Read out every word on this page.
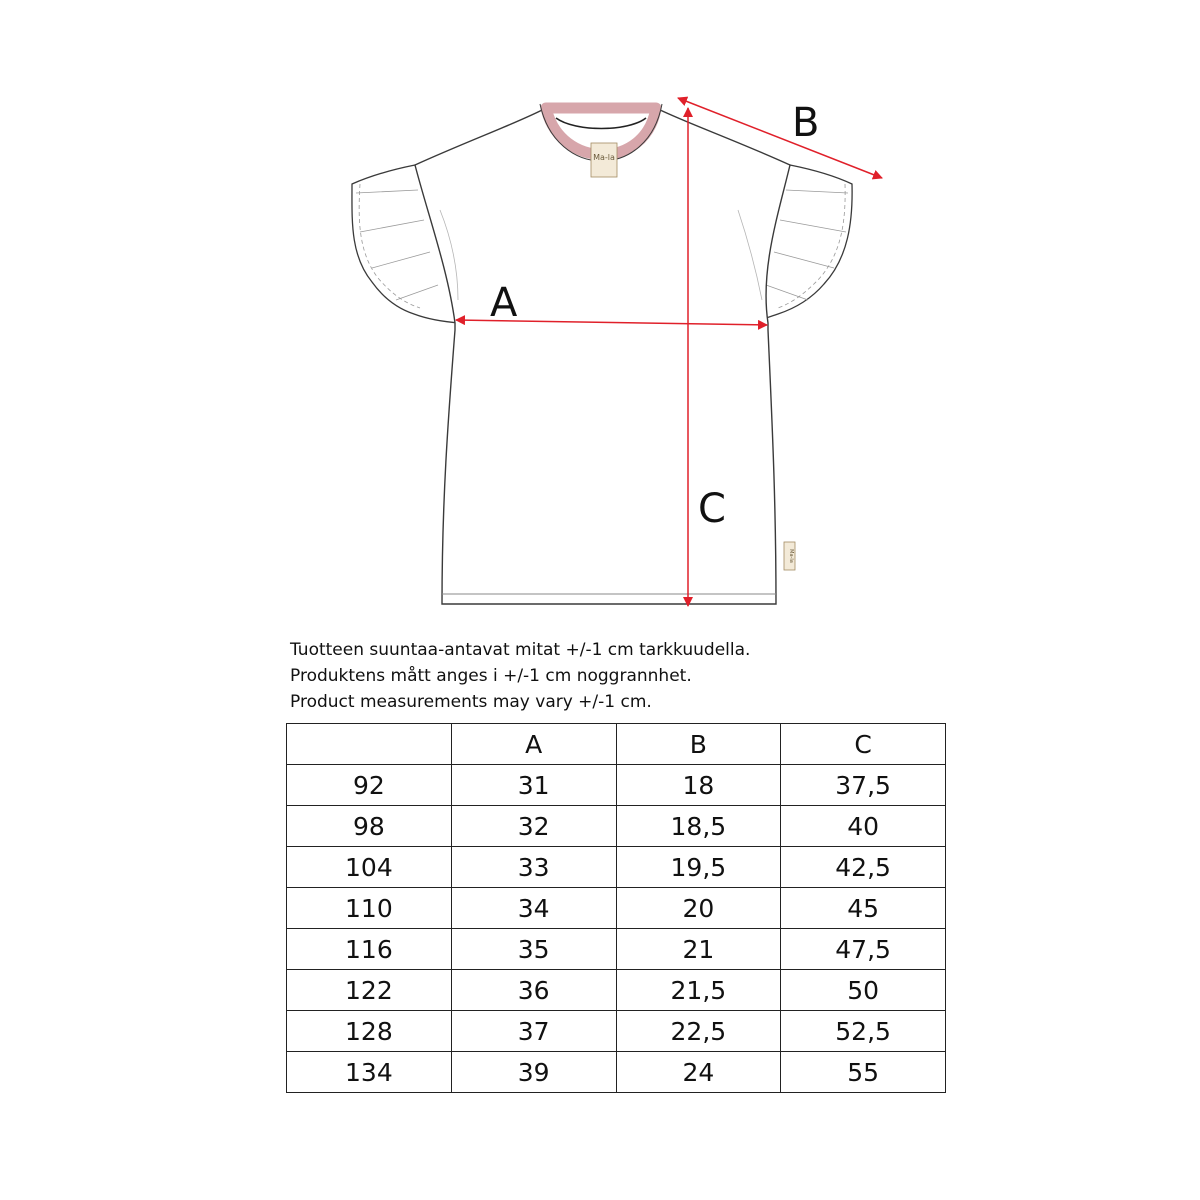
Ma-la
Ma-la
A
B
C
Tuotteen suuntaa-antavat mitat +/-1 cm tarkkuudella.
Produktens mått anges i +/-1 cm noggrannhet.
Product measurements may vary +/-1 cm.
	A	B	C
92	31	18	37,5
98	32	18,5	40
104	33	19,5	42,5
110	34	20	45
116	35	21	47,5
122	36	21,5	50
128	37	22,5	52,5
134	39	24	55
